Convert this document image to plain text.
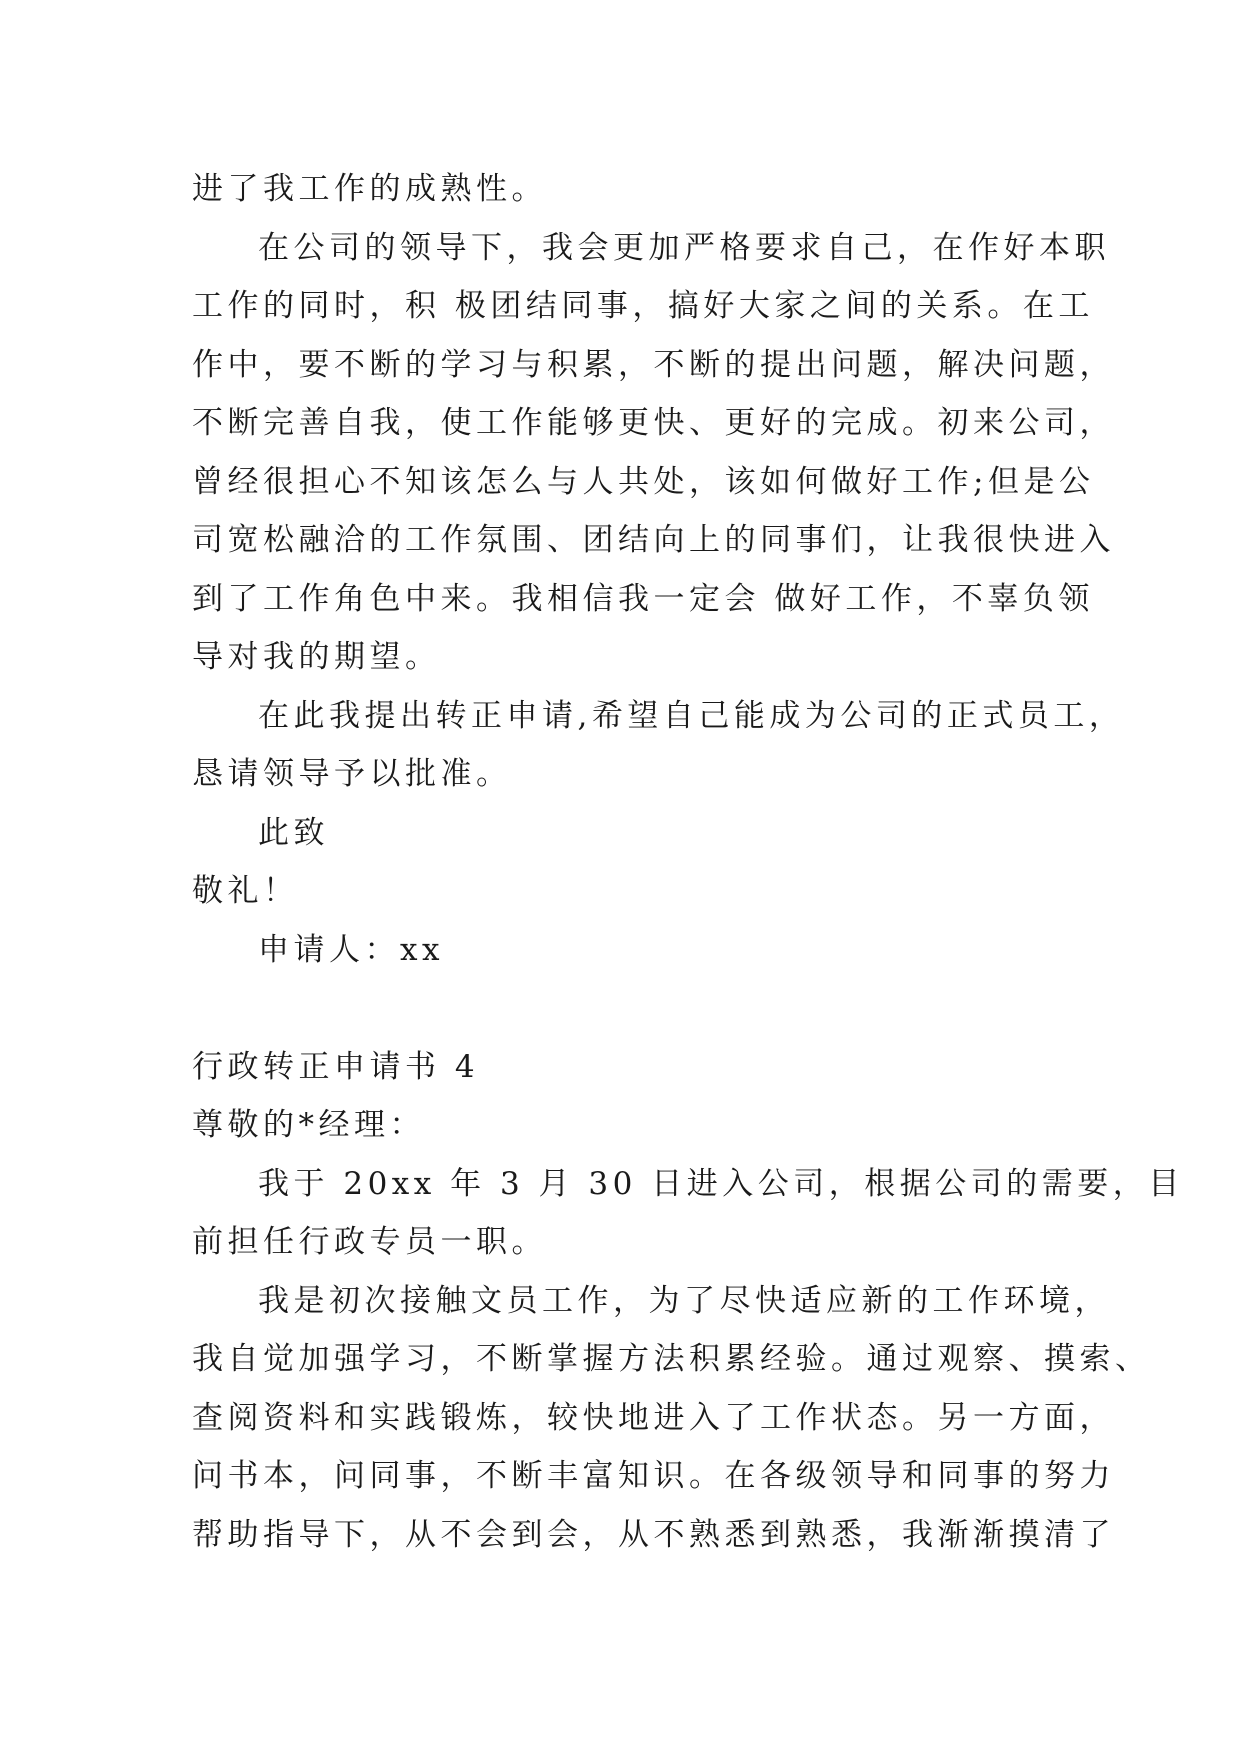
进了我工作的成熟性。
在公司的领导下，我会更加严格要求自己，在作好本职
工作的同时，积 极团结同事，搞好大家之间的关系。在工
作中，要不断的学习与积累，不断的提出问题，解决问题，
不断完善自我，使工作能够更快、更好的完成。初来公司，
曾经很担心不知该怎么与人共处，该如何做好工作;但是公
司宽松融洽的工作氛围、团结向上的同事们，让我很快进入
到了工作角色中来。我相信我一定会 做好工作，不辜负领
导对我的期望。
在此我提出转正申请,希望自己能成为公司的正式员工，
恳请领导予以批准。
此致
敬礼！
申请人：xx
行政转正申请书 4
尊敬的*经理：
我于 20xx 年 3 月 30 日进入公司，根据公司的需要，目
前担任行政专员一职。
我是初次接触文员工作，为了尽快适应新的工作环境，
我自觉加强学习，不断掌握方法积累经验。通过观察、摸索、
查阅资料和实践锻炼，较快地进入了工作状态。另一方面，
问书本，问同事，不断丰富知识。在各级领导和同事的努力
帮助指导下，从不会到会，从不熟悉到熟悉，我渐渐摸清了
